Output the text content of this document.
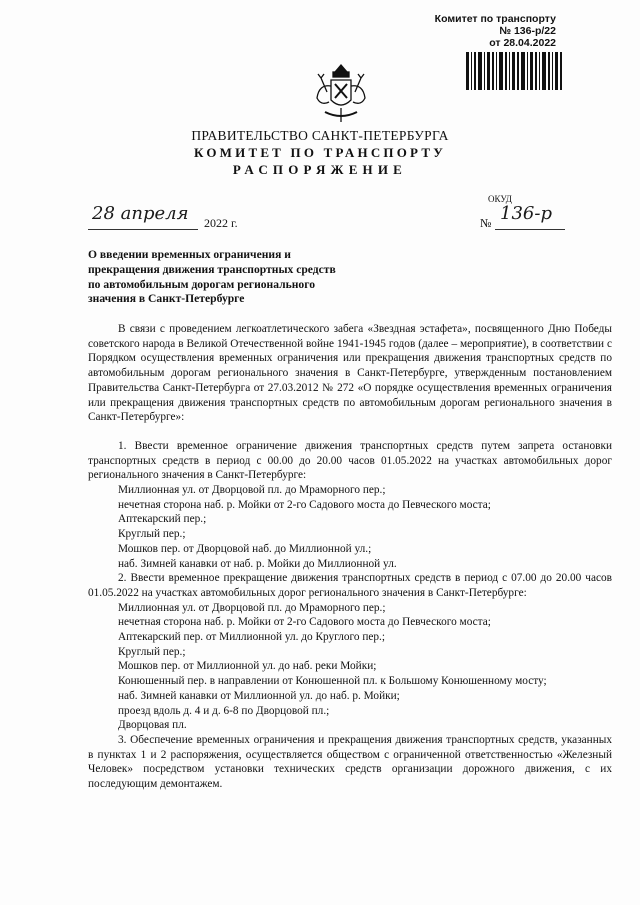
Комитет по транспорту
№ 136-р/22
от 28.04.2022
ПРАВИТЕЛЬСТВО САНКТ-ПЕТЕРБУРГА
КОМИТЕТ ПО ТРАНСПОРТУ
РАСПОРЯЖЕНИЕ
ОКУД
28 апреля 2022 г.	№ 136-р
О введении временных ограничения и прекращения движения транспортных средств по автомобильным дорогам регионального значения в Санкт-Петербурге

В связи с проведением легкоатлетического забега «Звездная эстафета», посвященного Дню Победы советского народа в Великой Отечественной войне 1941-1945 годов (далее – мероприятие), в соответствии с Порядком осуществления временных ограничения или прекращения движения транспортных средств по автомобильным дорогам регионального значения в Санкт-Петербурге, утвержденным постановлением Правительства Санкт-Петербурга от 27.03.2012 № 272 «О порядке осуществления временных ограничения или прекращения движения транспортных средств по автомобильным дорогам регионального значения в Санкт-Петербурге»:

1. Ввести временное ограничение движения транспортных средств путем запрета остановки транспортных средств в период с 00.00 до 20.00 часов 01.05.2022 на участках автомобильных дорог регионального значения в Санкт-Петербурге:

Миллионная ул. от Дворцовой пл. до Мраморного пер.;

нечетная сторона наб. р. Мойки от 2-го Садового моста до Певческого моста;

Аптекарский пер.;

Круглый пер.;

Мошков пер. от Дворцовой наб. до Миллионной ул.;

наб. Зимней канавки от наб. р. Мойки до Миллионной ул.

2. Ввести временное прекращение движения транспортных средств в период с 07.00 до 20.00 часов 01.05.2022 на участках автомобильных дорог регионального значения в Санкт-Петербурге:

Миллионная ул. от Дворцовой пл. до Мраморного пер.;

нечетная сторона наб. р. Мойки от 2-го Садового моста до Певческого моста;

Аптекарский пер. от Миллионной ул. до Круглого пер.;

Круглый пер.;

Мошков пер. от Миллионной ул. до наб. реки Мойки;

Конюшенный пер. в направлении от Конюшенной пл. к Большому Конюшенному мосту;

наб. Зимней канавки от Миллионной ул. до наб. р. Мойки;

проезд вдоль д. 4 и д. 6-8 по Дворцовой пл.;

Дворцовая пл.

3. Обеспечение временных ограничения и прекращения движения транспортных средств, указанных в пунктах 1 и 2 распоряжения, осуществляется обществом с ограниченной ответственностью «Железный Человек» посредством установки технических средств организации дорожного движения, с их последующим демонтажем.
